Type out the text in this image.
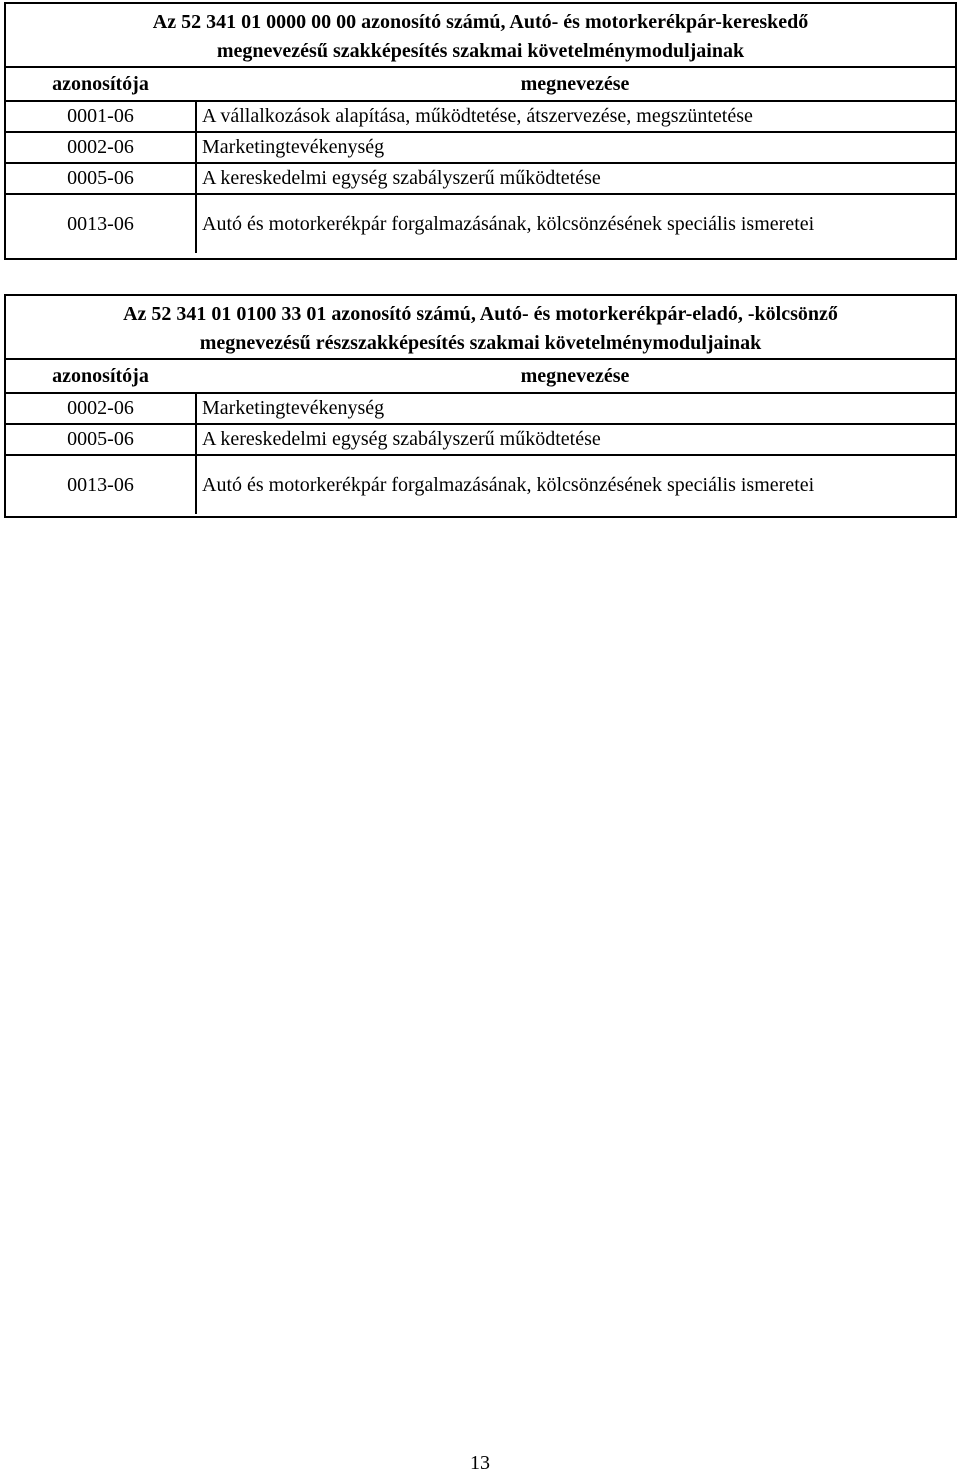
Az 52 341 01 0000 00 00 azonosító számú, Autó- és motorkerékpár-kereskedő
megnevezésű szakképesítés szakmai követelménymoduljainak
azonosítója	megnevezése
0001-06	A vállalkozások alapítása, működtetése, átszervezése, megszüntetése
0002-06	Marketingtevékenység
0005-06	A kereskedelmi egység szabályszerű működtetése
0013-06	Autó és motorkerékpár forgalmazásának, kölcsönzésének speciális ismeretei
Az 52 341 01 0100 33 01 azonosító számú, Autó- és motorkerékpár-eladó, -kölcsönző
megnevezésű részszakképesítés szakmai követelménymoduljainak
azonosítója	megnevezése
0002-06	Marketingtevékenység
0005-06	A kereskedelmi egység szabályszerű működtetése
0013-06	Autó és motorkerékpár forgalmazásának, kölcsönzésének speciális ismeretei
13
